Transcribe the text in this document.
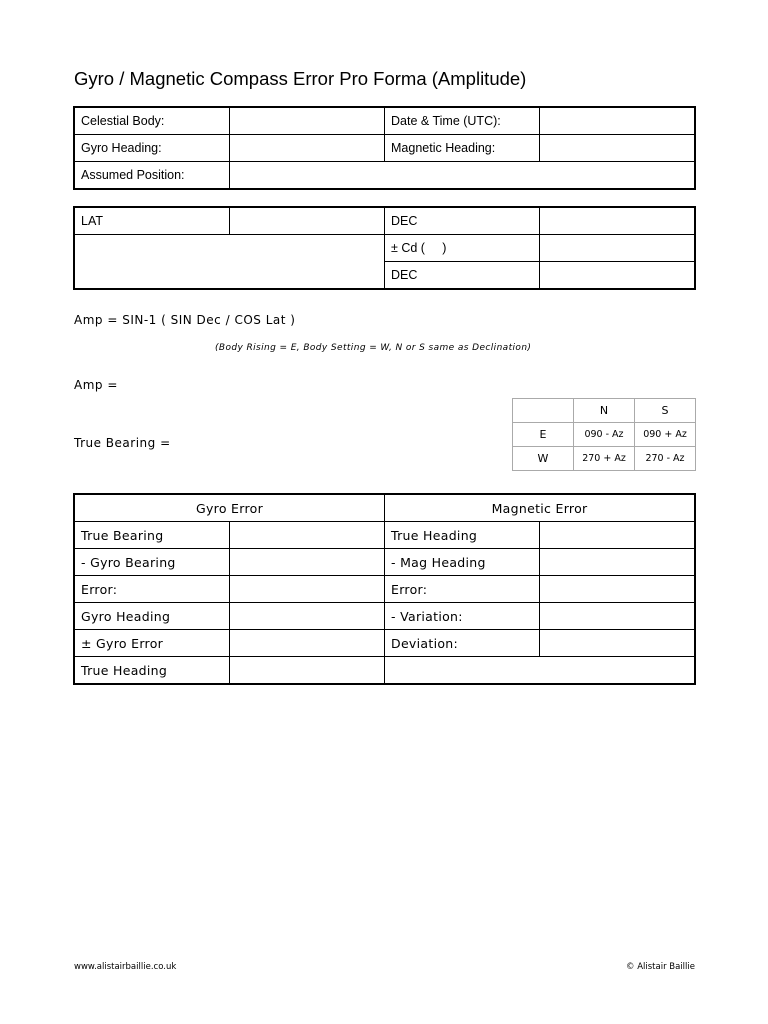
Gyro / Magnetic Compass Error Pro Forma (Amplitude)
Celestial Body:		Date & Time (UTC):	
Gyro Heading:		Magnetic Heading:	
Assumed Position:			
LAT		DEC	
		± Cd (     )	
		DEC	
Amp = SIN-1 ( SIN Dec / COS Lat )
(Body Rising = E, Body Setting = W, N or S same as Declination)
Amp =
True Bearing =
	N	S
E	090 - Az	090 + Az
W	270 + Az	270 - Az
Gyro Error		Magnetic Error	
True Bearing		True Heading	
- Gyro Bearing		- Mag Heading	
Error:		Error:	
Gyro Heading		- Variation:	
± Gyro Error		Deviation:	
True Heading			
www.alistairbaillie.co.uk	© Alistair Baillie
